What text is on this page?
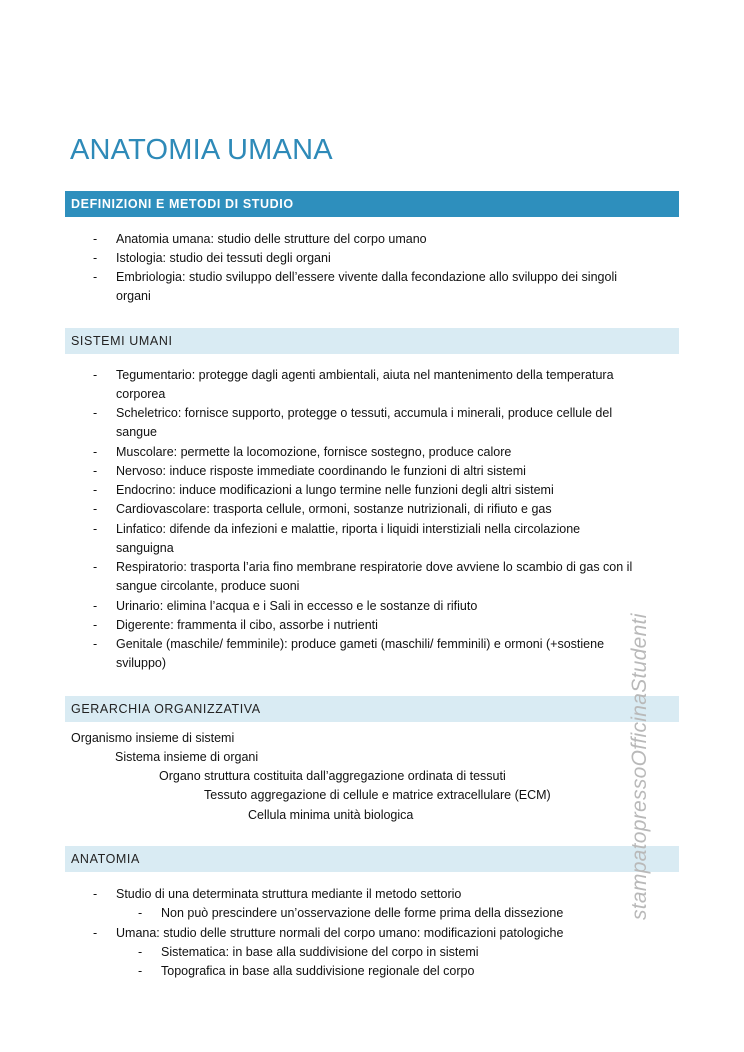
ANATOMIA UMANA
DEFINIZIONI E METODI DI STUDIO
- Anatomia umana: studio delle strutture del corpo umano
- Istologia: studio dei tessuti degli organi
- Embriologia: studio sviluppo dell’essere vivente dalla fecondazione allo sviluppo dei singoli
organi
SISTEMI UMANI
- Tegumentario: protegge dagli agenti ambientali, aiuta nel mantenimento della temperatura
corporea
- Scheletrico: fornisce supporto, protegge o tessuti, accumula i minerali, produce cellule del
sangue
- Muscolare: permette la locomozione, fornisce sostegno, produce calore
- Nervoso: induce risposte immediate coordinando le funzioni di altri sistemi
- Endocrino: induce modificazioni a lungo termine nelle funzioni degli altri sistemi
- Cardiovascolare: trasporta cellule, ormoni, sostanze nutrizionali, di rifiuto e gas
- Linfatico: difende da infezioni e malattie, riporta i liquidi interstiziali nella circolazione
sanguigna
- Respiratorio: trasporta l’aria fino membrane respiratorie dove avviene lo scambio di gas con il
sangue circolante, produce suoni
- Urinario: elimina l’acqua e i Sali in eccesso e le sostanze di rifiuto
- Digerente: frammenta il cibo, assorbe i nutrienti
- Genitale (maschile/ femminile): produce gameti (maschili/ femminili) e ormoni (+sostiene
sviluppo)
GERARCHIA ORGANIZZATIVA
Organismo insieme di sistemi
Sistema insieme di organi
Organo struttura costituita dall’aggregazione ordinata di tessuti
Tessuto aggregazione di cellule e matrice extracellulare (ECM)
Cellula minima unità biologica
ANATOMIA
- Studio di una determinata struttura mediante il metodo settorio
- Non può prescindere un’osservazione delle forme prima della dissezione
- Umana: studio delle strutture normali del corpo umano: modificazioni patologiche
- Sistematica: in base alla suddivisione del corpo in sistemi
- Topografica in base alla suddivisione regionale del corpo
stampatopressoOfficinaStudenti
